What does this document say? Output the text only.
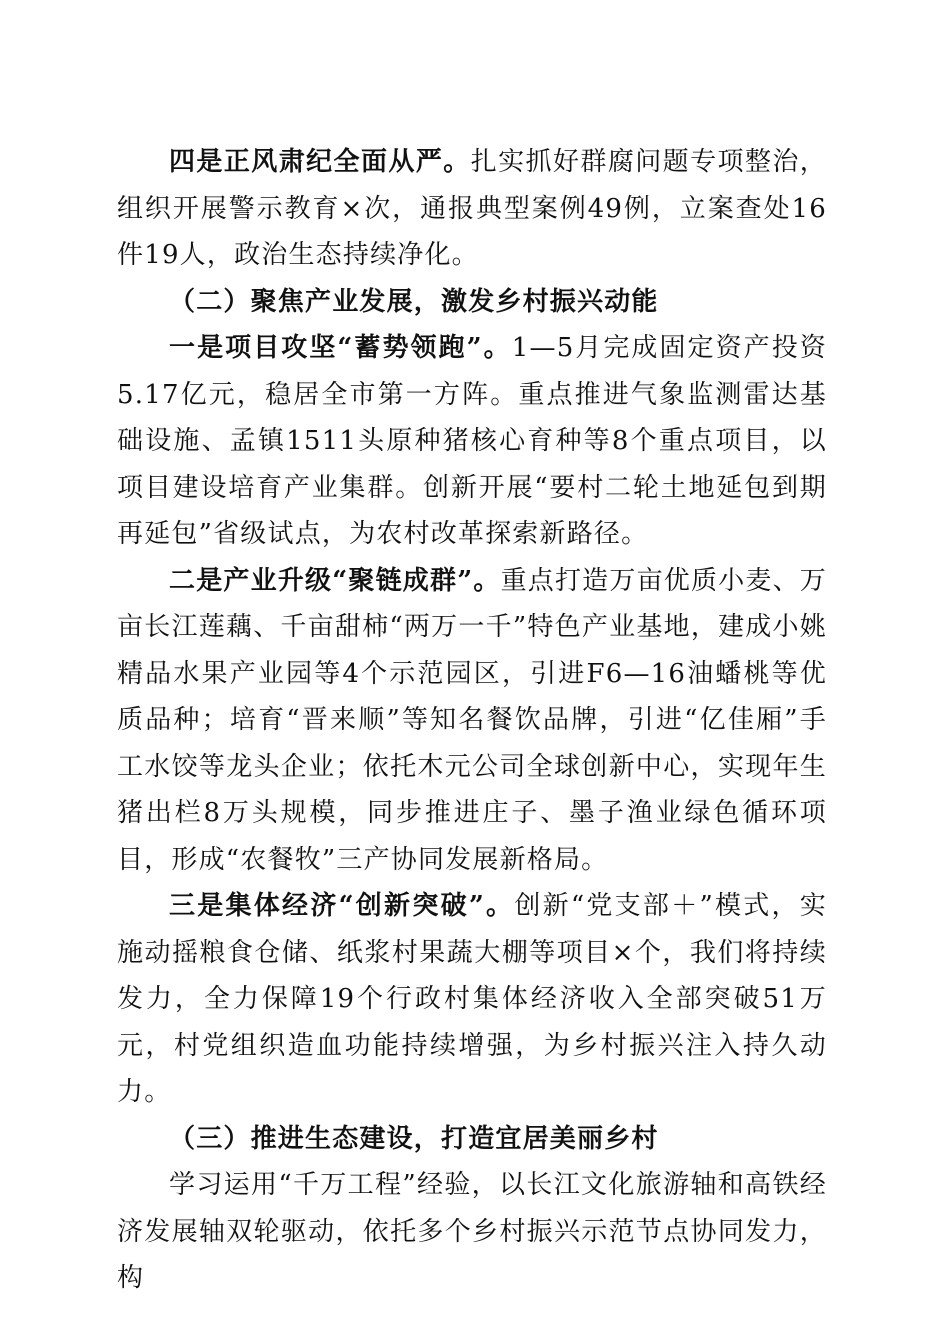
四是正风肃纪全面从严。扎实抓好群腐问题专项整治，组织开展警示教育×次，通报典型案例49例，立案查处16件19人，政治生态持续净化。

（二）聚焦产业发展，激发乡村振兴动能

一是项目攻坚“蓄势领跑”。1—5月完成固定资产投资5.17亿元，稳居全市第一方阵。重点推进气象监测雷达基础设施、孟镇1511头原种猪核心育种等8个重点项目，以项目建设培育产业集群。创新开展“要村二轮土地延包到期再延包”省级试点，为农村改革探索新路径。

二是产业升级“聚链成群”。重点打造万亩优质小麦、万亩长江莲藕、千亩甜柿“两万一千”特色产业基地，建成小姚精品水果产业园等4个示范园区，引进F6—16油蟠桃等优质品种；培育“晋来顺”等知名餐饮品牌，引进“亿佳厢”手工水饺等龙头企业；依托木元公司全球创新中心，实现年生猪出栏8万头规模，同步推进庄子、墨子渔业绿色循环项目，形成“农餐牧”三产协同发展新格局。

三是集体经济“创新突破”。创新“党支部＋”模式，实施动摇粮食仓储、纸浆村果蔬大棚等项目×个，我们将持续发力，全力保障19个行政村集体经济收入全部突破51万元，村党组织造血功能持续增强，为乡村振兴注入持久动力。

（三）推进生态建设，打造宜居美丽乡村

学习运用“千万工程”经验，以长江文化旅游轴和高铁经济发展轴双轮驱动，依托多个乡村振兴示范节点协同发力，构
